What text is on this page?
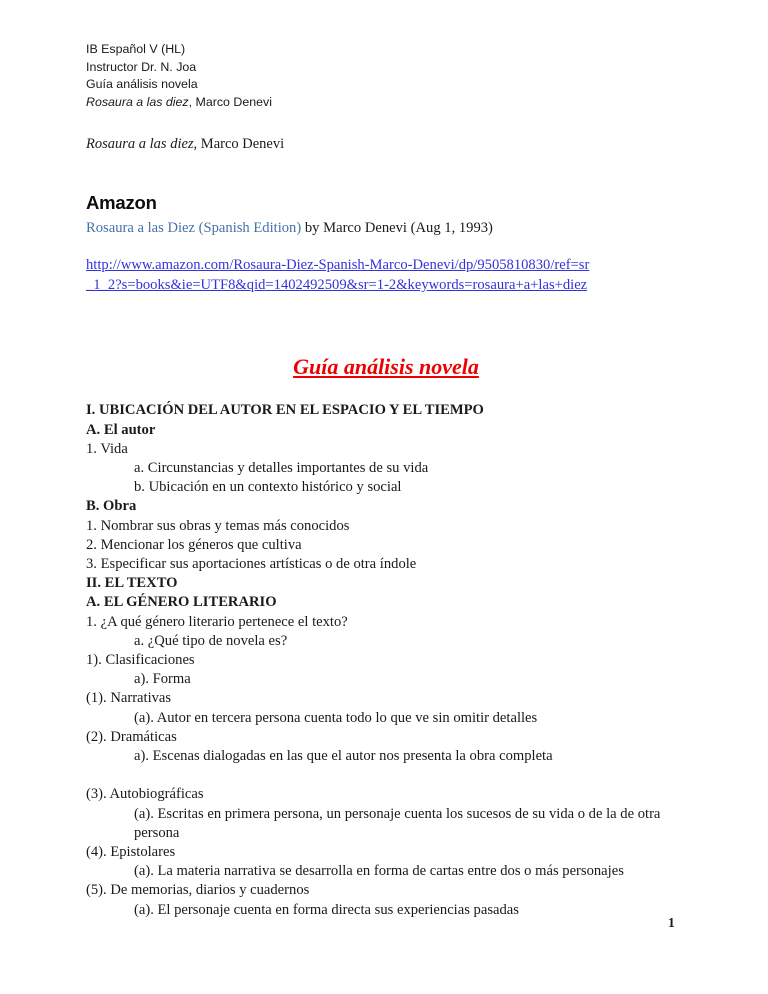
IB Español V (HL)
Instructor Dr. N. Joa
Guía análisis novela
Rosaura a las diez, Marco Denevi
Rosaura a las diez, Marco Denevi
Amazon
Rosaura a las Diez (Spanish Edition) by Marco Denevi (Aug 1, 1993)
http://www.amazon.com/Rosaura-Diez-Spanish-Marco-Denevi/dp/9505810830/ref=sr_1_2?s=books&ie=UTF8&qid=1402492509&sr=1-2&keywords=rosaura+a+las+diez
Guía análisis novela
I. UBICACIÓN DEL AUTOR EN EL ESPACIO Y EL TIEMPO
A. El autor
1. Vida
a. Circunstancias y detalles importantes de su vida
b. Ubicación en un contexto histórico y social
B. Obra
1. Nombrar sus obras y temas más conocidos
2. Mencionar los géneros que cultiva
3. Especificar sus aportaciones artísticas o de otra índole
II. EL TEXTO
A. EL GÉNERO LITERARIO
1. ¿A qué género literario pertenece el texto?
a. ¿Qué tipo de novela es?
1). Clasificaciones
a). Forma
(1). Narrativas
(a). Autor en tercera persona cuenta todo lo que ve sin omitir detalles
(2). Dramáticas
a). Escenas dialogadas en las que el autor nos presenta la obra completa
(3). Autobiográficas
(a). Escritas en primera persona, un personaje cuenta los sucesos de su vida o de la de otra persona
(4). Epistolares
(a). La materia narrativa se desarrolla en forma de cartas entre dos o más personajes
(5). De memorias, diarios y cuadernos
(a). El personaje cuenta en forma directa sus experiencias pasadas
1
